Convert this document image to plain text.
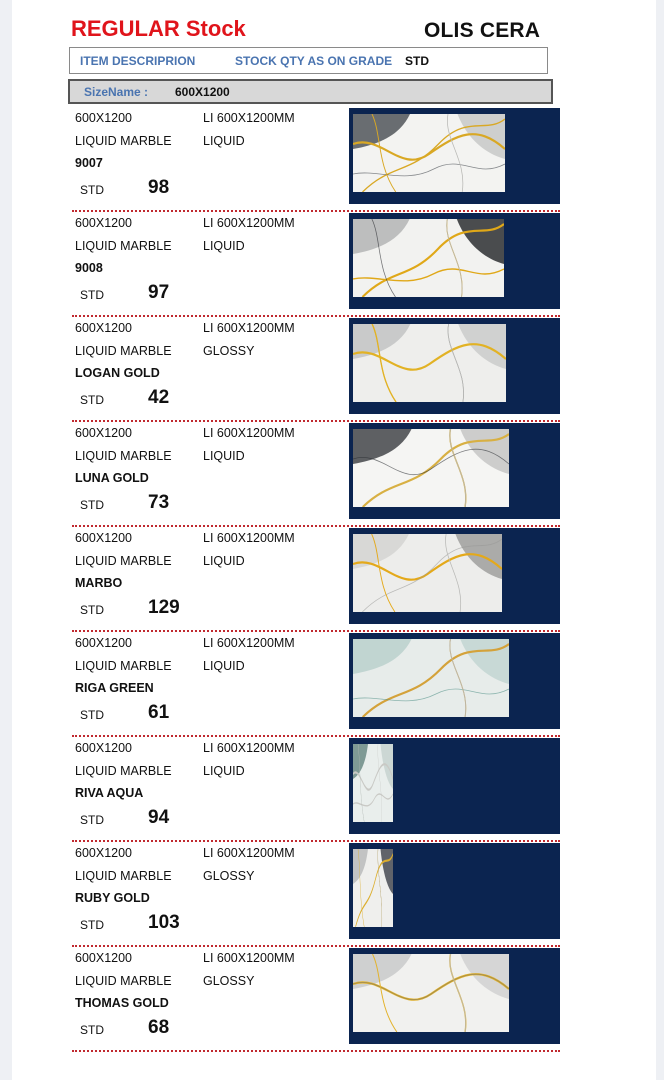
REGULAR Stock	OLIS CERA
ITEM DESCRIPRION	STOCK QTY AS ON GRADE STD
SizeName : 600X1200
600X1200
LIQUID MARBLE
9007
LI 600X1200MM
LIQUID
STD 98
600X1200
LIQUID MARBLE
9008
LI 600X1200MM
LIQUID
STD 97
600X1200
LIQUID MARBLE
LOGAN GOLD
LI 600X1200MM
GLOSSY
STD 42
600X1200
LIQUID MARBLE
LUNA GOLD
LI 600X1200MM
LIQUID
STD 73
600X1200
LIQUID MARBLE
MARBO
LI 600X1200MM
LIQUID
STD 129
600X1200
LIQUID MARBLE
RIGA GREEN
LI 600X1200MM
LIQUID
STD 61
600X1200
LIQUID MARBLE
RIVA AQUA
LI 600X1200MM
LIQUID
STD 94
600X1200
LIQUID MARBLE
RUBY GOLD
LI 600X1200MM
GLOSSY
STD 103
600X1200
LIQUID MARBLE
THOMAS GOLD
LI 600X1200MM
GLOSSY
STD 68
